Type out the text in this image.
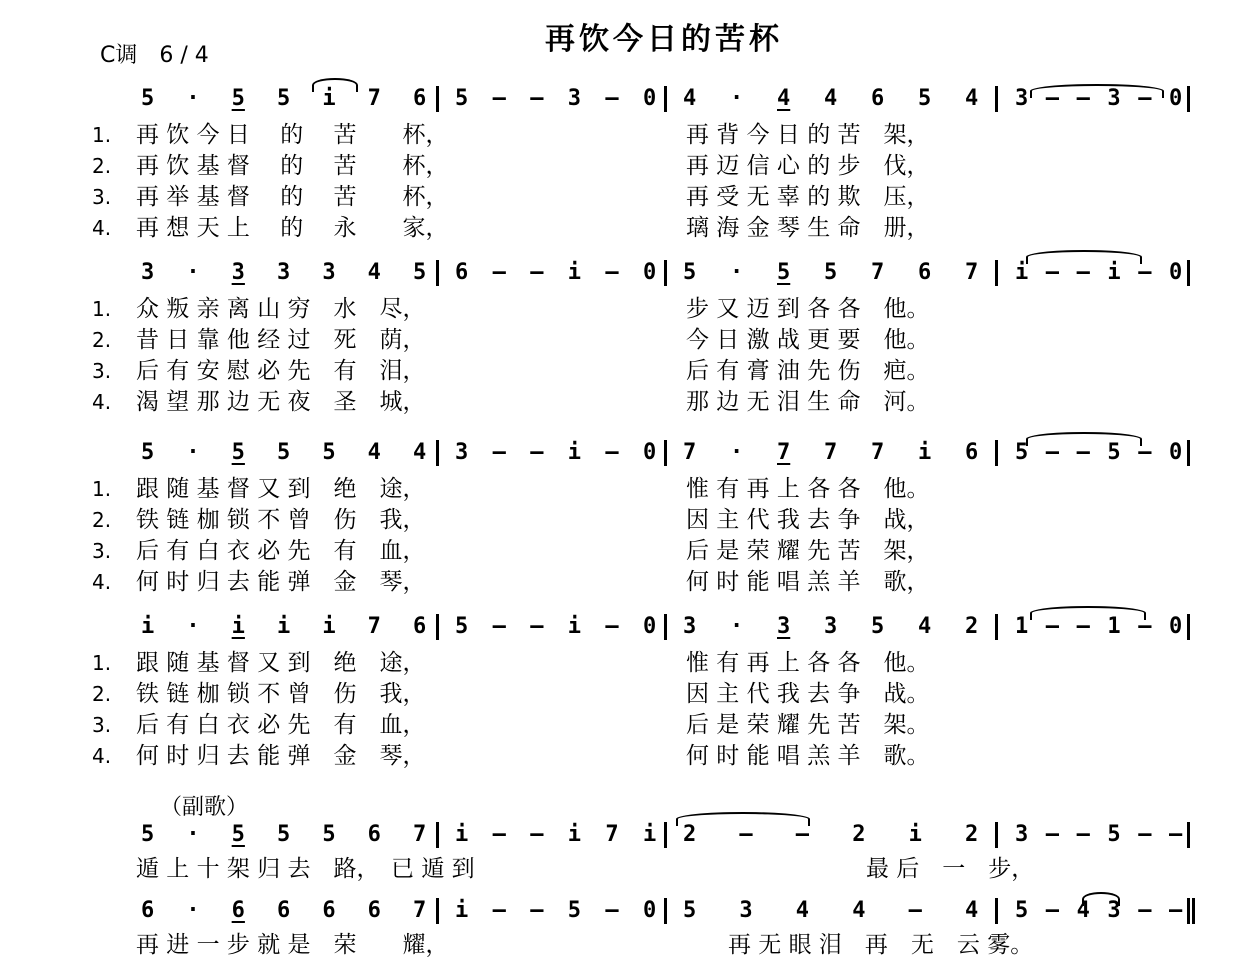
再饮今日的苦杯
C调　6 / 4
5 · 5 5 i 7 6 5 — — 3 — 0 4 · 4 4 6 5 4 3 — — 3 — 0
1. 再 饮 今 日　 的　 苦　　杯，	再 背 今 日 的 苦　架，
2. 再 饮 基 督　 的　 苦　　杯，	再 迈 信 心 的 步　伐，
3. 再 举 基 督　 的　 苦　　杯，	再 受 无 辜 的 欺　压，
4. 再 想 天 上　 的　 永　　家，	璃 海 金 琴 生 命　册，
3 · 3 3 3 4 5 6 — — i — 0 5 · 5 5 7 6 7 i — — i — 0
1. 众 叛 亲 离 山 穷　水　尽，	步 又 迈 到 各 各　他。
2. 昔 日 靠 他 经 过　死　荫，	今 日 激 战 更 要　他。
3. 后 有 安 慰 必 先　有　泪，	后 有 膏 油 先 伤　疤。
4. 渴 望 那 边 无 夜　圣　城，	那 边 无 泪 生 命　河。
5 · 5 5 5 4 4 3 — — i — 0 7 · 7 7 7 i 6 5 — — 5 — 0
1. 跟 随 基 督 又 到　绝　途，	惟 有 再 上 各 各　他。
2. 铁 链 枷 锁 不 曾　伤　我，	因 主 代 我 去 争　战，
3. 后 有 白 衣 必 先　有　血，	后 是 荣 耀 先 苦　架，
4. 何 时 归 去 能 弹　金　琴，	何 时 能 唱 羔 羊　歌，
i · i i i 7 6 5 — — i — 0 3 · 3 3 5 4 2 1 — — 1 — 0
1. 跟 随 基 督 又 到　绝　途，	惟 有 再 上 各 各　他。
2. 铁 链 枷 锁 不 曾　伤　我，	因 主 代 我 去 争　战。
3. 后 有 白 衣 必 先　有　血，	后 是 荣 耀 先 苦　架。
4. 何 时 归 去 能 弹　金　琴，	何 时 能 唱 羔 羊　歌。
5 · 5 5 5 6 7 i — — i 7 i 2 — — 2 i 2 3 — — 5 — —
遁 上 十 架 归 去　路，　已 遁 到	最 后　一　步，
6 · 6 6 6 6 7 i — — 5 — 0 5 3 4 4 — 4 5 — 4 3 — —
再 进 一 步 就 是　荣　　耀，	再 无 眼 泪　再　无　云 雾。
（副歌）
